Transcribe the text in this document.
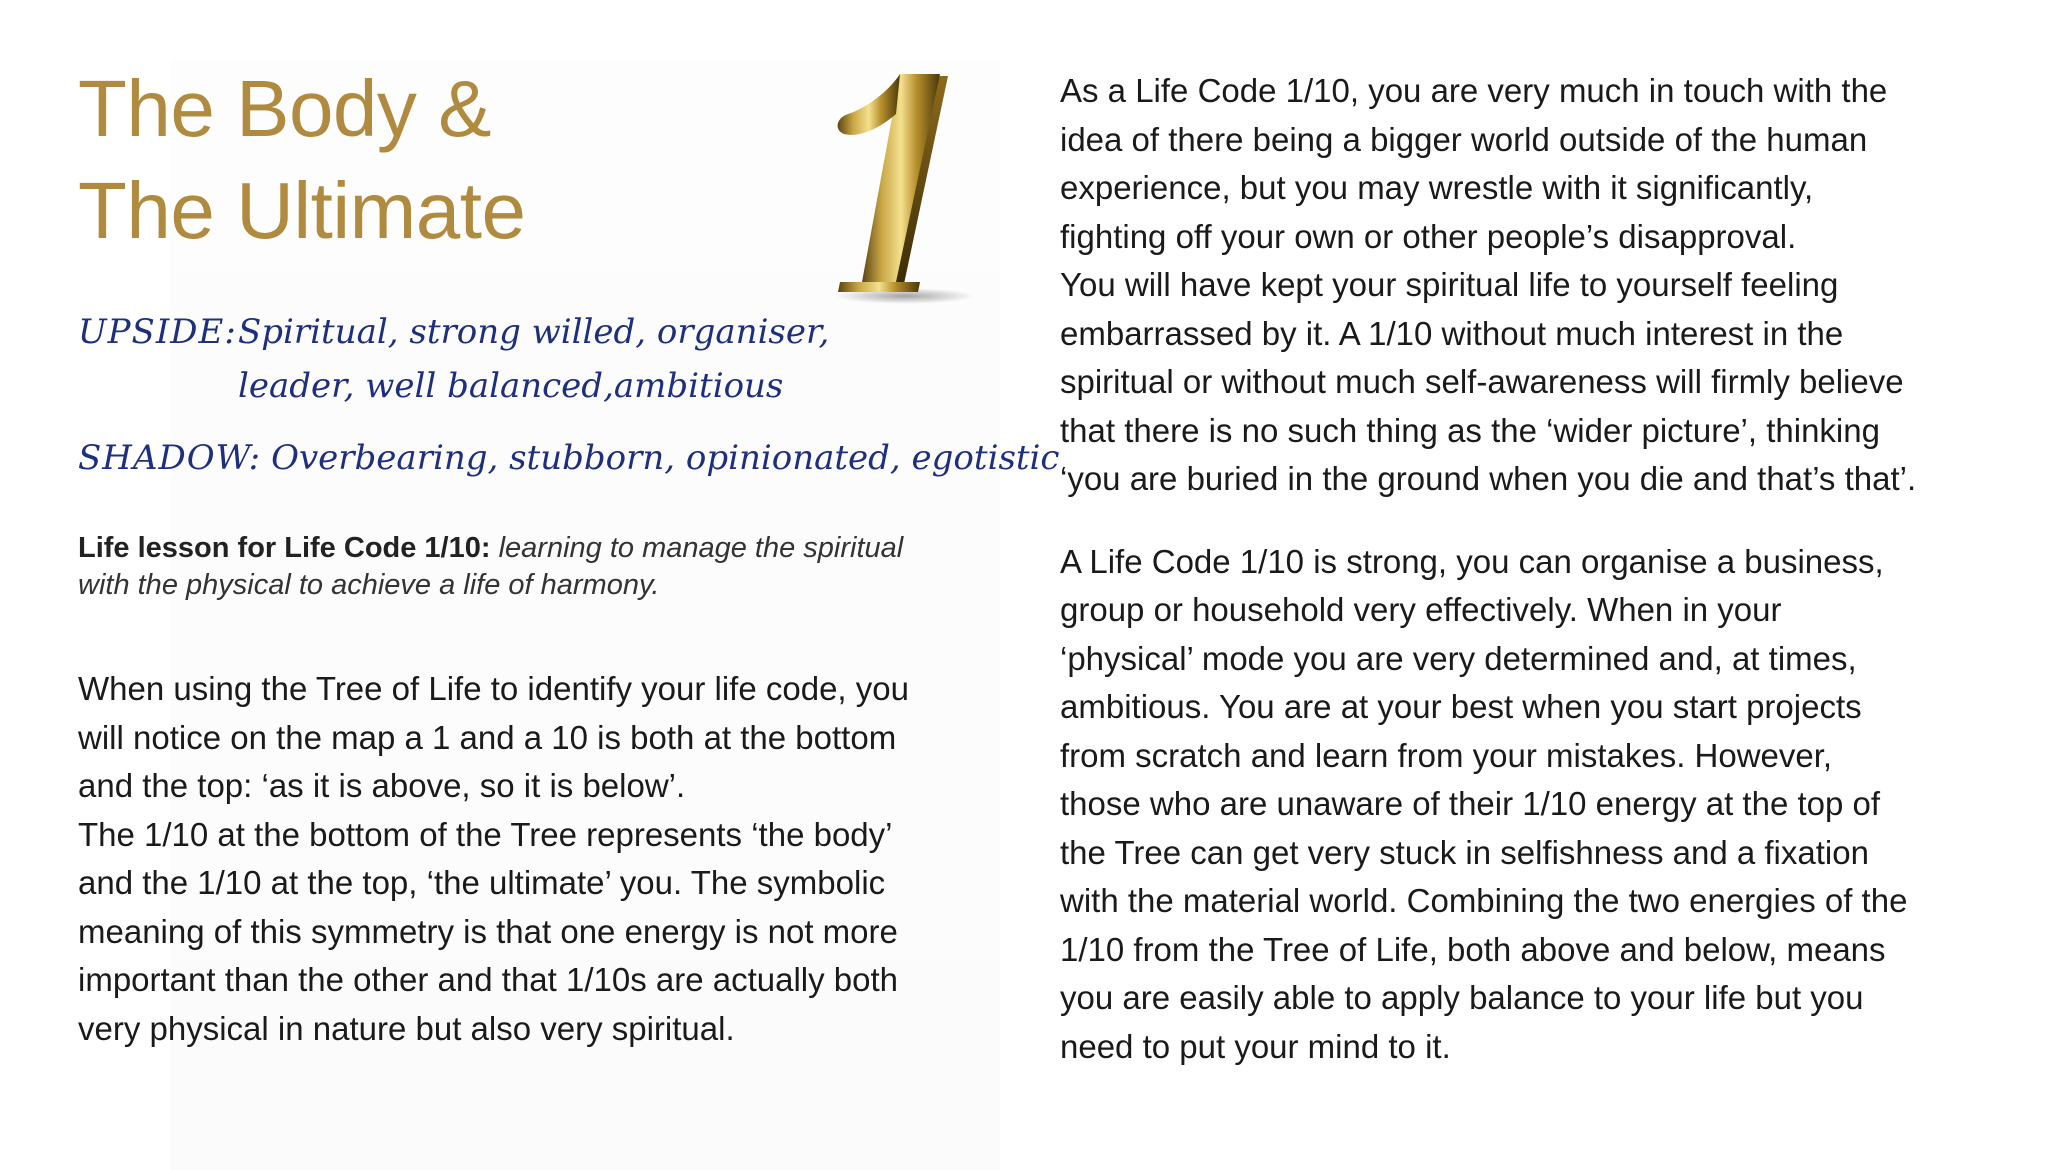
The Body &
The Ultimate
UPSIDE: Spiritual, strong willed, organiser,
leader, well balanced,ambitious
SHADOW: Overbearing, stubborn, opinionated, egotistic
Life lesson for Life Code 1/10: learning to manage the spiritual with the physical to achieve a life of harmony.

When using the Tree of Life to identify your life code, you
will notice on the map a 1 and a 10 is both at the bottom
and the top: ‘as it is above, so it is below’.
The 1/10 at the bottom of the Tree represents ‘the body’
and the 1/10 at the top, ‘the ultimate’ you. The symbolic
meaning of this symmetry is that one energy is not more
important than the other and that 1/10s are actually both
very physical in nature but also very spiritual.

As a Life Code 1/10, you are very much in touch with the
idea of there being a bigger world outside of the human
experience, but you may wrestle with it significantly,
fighting off your own or other people’s disapproval.
You will have kept your spiritual life to yourself feeling
embarrassed by it. A 1/10 without much interest in the
spiritual or without much self-awareness will firmly believe
that there is no such thing as the ‘wider picture’, thinking
‘you are buried in the ground when you die and that’s that’.

A Life Code 1/10 is strong, you can organise a business,
group or household very effectively. When in your
‘physical’ mode you are very determined and, at times,
ambitious. You are at your best when you start projects
from scratch and learn from your mistakes. However,
those who are unaware of their 1/10 energy at the top of
the Tree can get very stuck in selfishness and a fixation
with the material world. Combining the two energies of the
1/10 from the Tree of Life, both above and below, means
you are easily able to apply balance to your life but you
need to put your mind to it.
